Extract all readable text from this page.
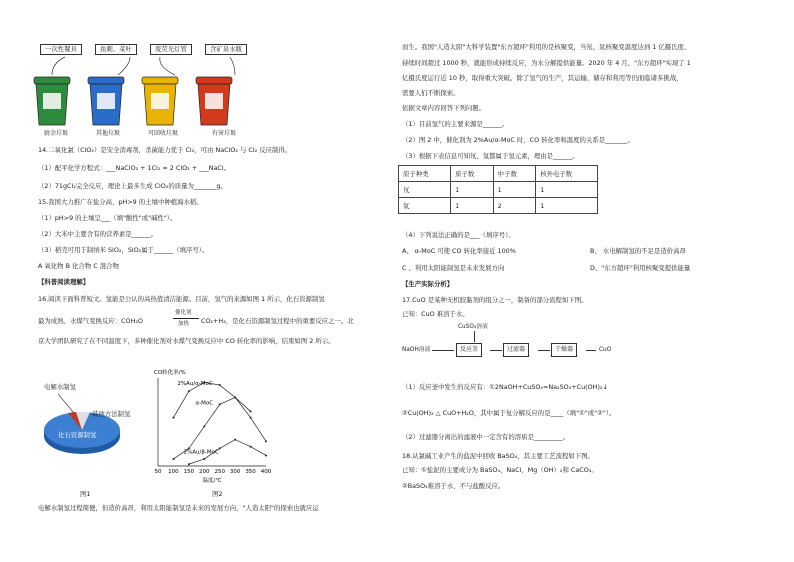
一次性餐具	鱼刺、菜叶	废荧光灯管	含矿泉水瓶
厨余垃圾	其他垃圾	可回收垃圾	有害垃圾
14.二氧化氯（ClO₂）是安全消毒剂，杀菌能力优于 Cl₂，可由 NaClO₂ 与 Cl₂ 反应制得。
（1）配平化学方程式：___NaClO₂ + 1Cl₂ = 2 ClO₂ + ___NaCl。
（2）71gCl₂完全反应，理论上最多生成 ClO₂的质量为_______g。
15.我国大力推广在盐分高，pH>9 的土壤中种植海水稻。
（1）pH>9 的土壤呈___（填"酸性"或"碱性"）。
（2）大米中主要含有的营养素是______。
（3）稻壳可用于制纳米 SiO₂，SiO₂属于______（填序号）。
A 氧化物 B 化合物 C 混合物
【科普阅读理解】
16.阅读下面科普短文。氢能是公认的高热值清洁能源。目前，氢气的来源如图 1 所示，化石资源制氢
最为成熟。水煤气变换反应：COH₂O
催化剂
加热 CO₂+H₂，是化石资源制氢过程中的重要反应之一。北
京大学团队研究了在不同温度下，多种催化剂对水煤气变换反应中 CO 转化率的影响，结果如图 2 所示。
电解水制氢
其他方法制氢
化石资源制氢
图1
50 100 150 200 250 300 350 400
CO转化率/%
温度/℃
2%Au/α-MoC
α-MoC
2%Au/β-MoC
图2
电解水制氢过程简便，但造价高昂，利用太阳能制氢是未来的发展方向，"人造太阳"的探索也就应运
而生。我国"人造太阳"大科学装置"东方超环"利用的是核聚变，当氘、氚核聚变温度达到 1 亿摄氏度、
持续时间超过 1000 秒，就能形成持续反应，为水分解提供能量。2020 年 4 月，"东方超环"实现了 1
亿摄氏度运行近 10 秒，取得重大突破。除了氢气的生产，其运输、储存和利用等仍面临诸多挑战，
需要人们不断探索。
依据文章内容回答下列问题。
（1）目前氢气的主要来源是______。
（2）图 2 中，催化剂为 2%Au/α-MoC 时，CO 转化率和温度的关系是_______。
（3）根据下表信息可知氘、氚都属于氢元素，理由是______。
原子种类	质子数	中子数	核外电子数
氘	1	1	1
氚	1	2	1
（4）下列说法正确的是___（填序号）。
A、 α-MoC 可使 CO 转化率接近 100%	B、 水电解制氢的不足是造价高昂
C 、利用太阳能制氢是未来发展方向	D、"东方超环"利用核聚变提供能量
【生产实际分析】
17.CuO 是某种无机胶黏剂的组分之一，制备的部分流程如下图。
已知：CuO 难溶于水。
CuSO₄溶液
NaOH溶液	反应釜	过滤器	干燥器	CuO
（1）反应釜中发生的反应有：①2NaOH+CuSO₄=Na₂SO₄+Cu(OH)₂↓
②Cu(OH)₂ △ CuO+H₂O，其中属于复分解反应的是____（填"①"或"②"）。
（2）过滤器分离出的滤液中一定含有的溶质是_________。
18.从氯碱工业产生的盐泥中回收 BaSO₄，其主要工艺流程如下图。
已知：①盐泥的主要成分为 BaSO₄、NaCl、Mg（OH）₂和 CaCO₃。
②BaSO₄难溶于水，不与盐酸反应。
